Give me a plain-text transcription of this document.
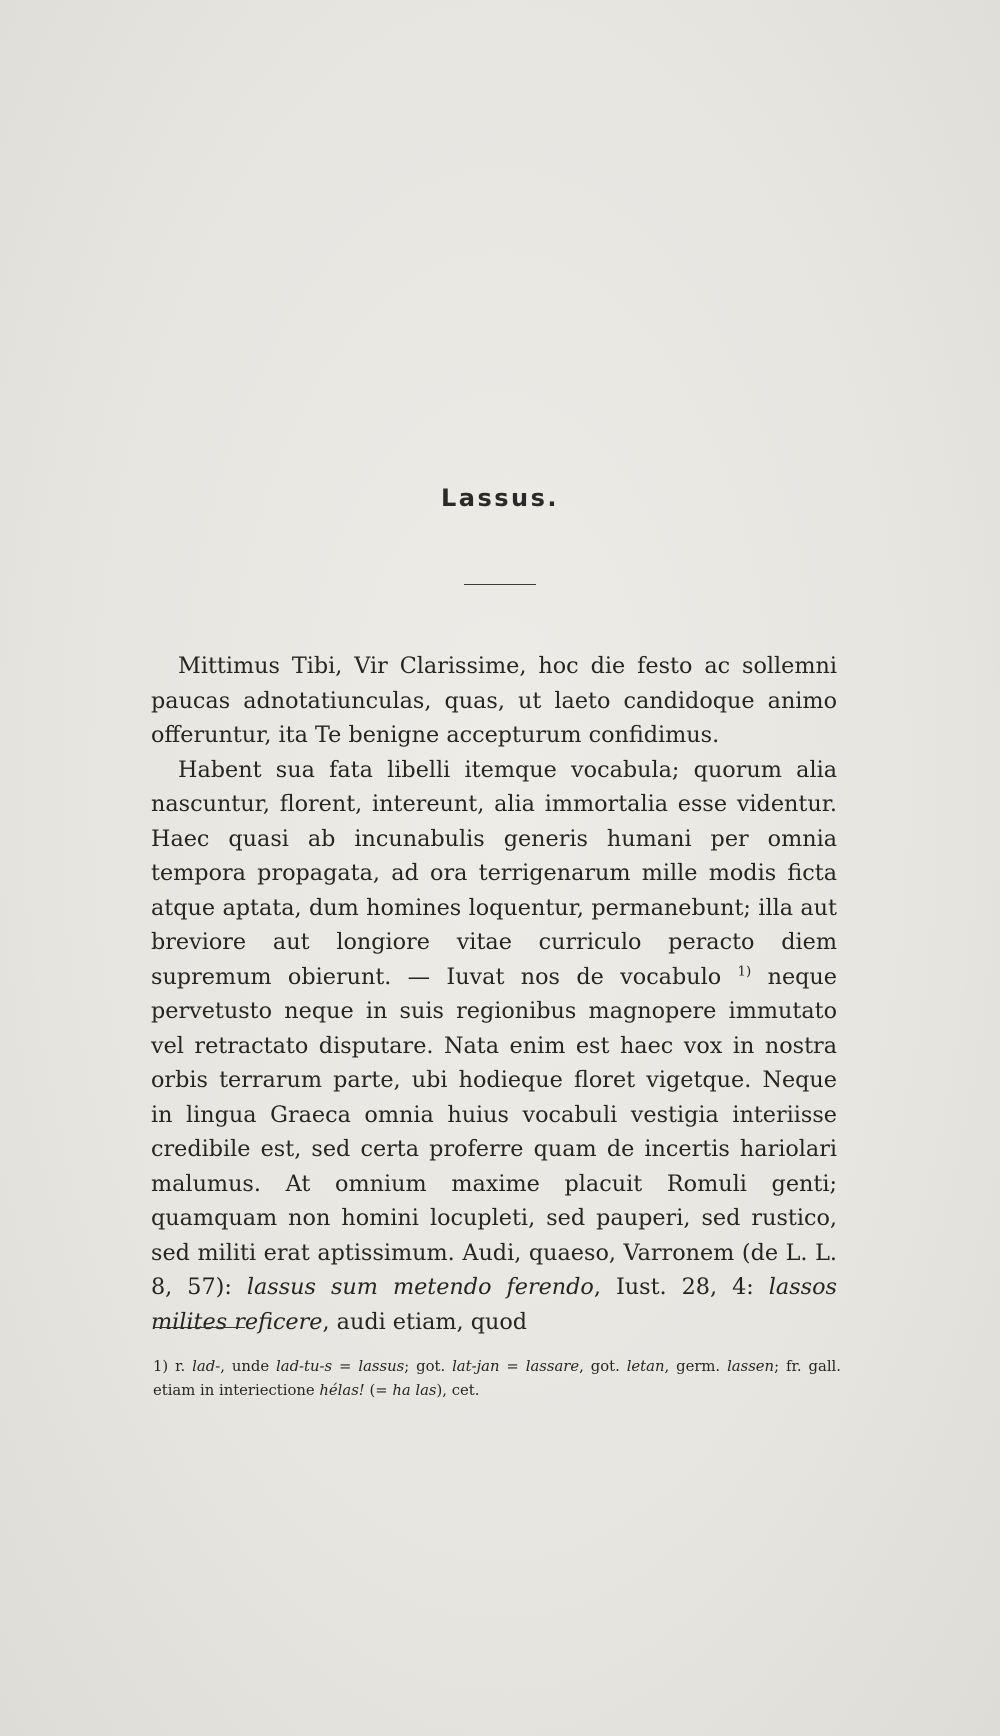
Lassus.

Mittimus Tibi, Vir Clarissime, hoc die festo ac sollemni paucas adnotatiunculas, quas, ut laeto candidoque animo offeruntur, ita Te benigne accepturum confidimus.

Habent sua fata libelli itemque vocabula; quorum alia nascuntur, florent, intereunt, alia immortalia esse videntur. Haec quasi ab incunabulis generis humani per omnia tempora propagata, ad ora terrigenarum mille modis ficta atque aptata, dum homines loquentur, permanebunt; illa aut breviore aut longiore vitae curriculo peracto diem supremum obierunt. — Iuvat nos de vocabulo $^{1)}$ neque pervetusto neque in suis regionibus magnopere immutato vel retractato disputare. Nata enim est haec vox in nostra orbis terrarum parte, ubi hodieque floret vigetque. Neque in lingua Graeca omnia huius vocabuli vestigia interiisse credibile est, sed certa proferre quam de incertis hariolari malumus. At omnium maxime placuit Romuli genti; quamquam non homini locupleti, sed pauperi, sed rustico, sed militi erat aptissimum. Audi, quaeso, Varronem (de L. L. 8, 57): lassus sum metendo ferendo, Iust. 28, 4: lassos milites reficere, audi etiam, quod

1) r. lad-, unde lad-tu-s = lassus; got. lat-jan = lassare, got. letan, germ. lassen; fr. gall. etiam in interiectione hélas! (= ha las), cet.
